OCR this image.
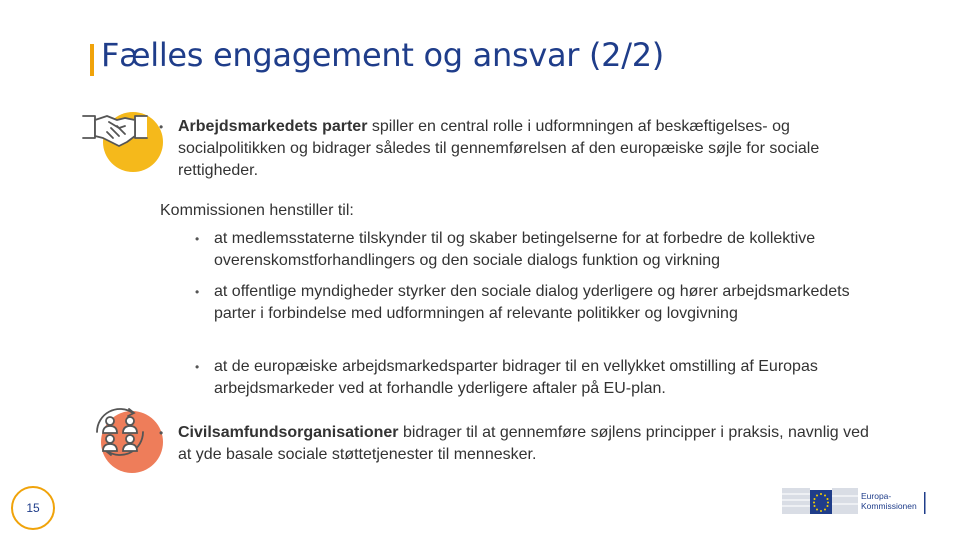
Fælles engagement og ansvar (2/2)
• Arbejdsmarkedets parter spiller en central rolle i udformningen af beskæftigelses- og socialpolitikken og bidrager således til gennemførelsen af den europæiske søjle for sociale rettigheder.
Kommissionen henstiller til:
• at medlemsstaterne tilskynder til og skaber betingelserne for at forbedre de kollektive overenskomstforhandlingers og den sociale dialogs funktion og virkning
• at offentlige myndigheder styrker den sociale dialog yderligere og hører arbejdsmarkedets parter i forbindelse med udformningen af relevante politikker og lovgivning
• at de europæiske arbejdsmarkedsparter bidrager til en vellykket omstilling af Europas arbejdsmarkeder ved at forhandle yderligere aftaler på EU-plan.
• Civilsamfundsorganisationer bidrager til at gennemføre søjlens principper i praksis, navnlig ved at yde basale sociale støttetjenester til mennesker.
15
Europa-
Kommissionen
